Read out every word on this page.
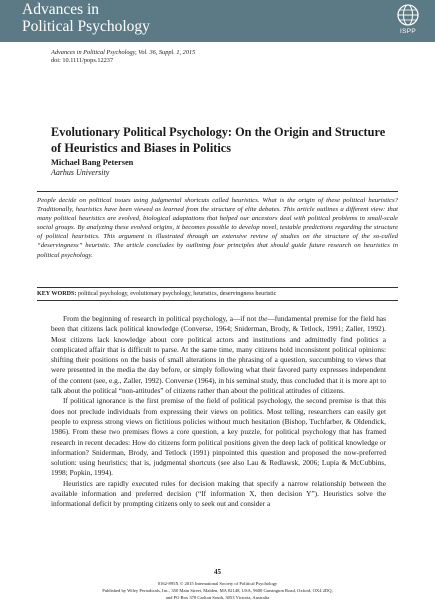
Advances in
Political Psychology	ISPP
Advances in Political Psychology, Vol. 36, Suppl. 1, 2015
doi: 10.1111/pops.12237
Evolutionary Political Psychology: On the Origin and Structure of Heuristics and Biases in Politics
Michael Bang Petersen
Aarhus University

People decide on political issues using judgmental shortcuts called heuristics. What is the origin of these political heuristics? Traditionally, heuristics have been viewed as learned from the structure of elite debates. This article outlines a different view: that many political heuristics are evolved, biological adaptations that helped our ancestors deal with political problems in small-scale social groups. By analyzing these evolved origins, it becomes possible to develop novel, testable predictions regarding the structure of political heuristics. This argument is illustrated through an extensive review of studies on the structure of the so-called “deservingness” heuristic. The article concludes by outlining four principles that should guide future research on heuristics in political psychology.

KEY WORDS: political psychology, evolutionary psychology, heuristics, deservingness heuristic

From the beginning of research in political psychology, a—if not the—fundamental premise for the field has been that citizens lack political knowledge (Converse, 1964; Sniderman, Brody, & Tetlock, 1991; Zaller, 1992). Most citizens lack knowledge about core political actors and institutions and admittedly find politics a complicated affair that is difficult to parse. At the same time, many citizens hold inconsistent political opinions: shifting their positions on the basis of small alterations in the phrasing of a question, succumbing to views that were presented in the media the day before, or simply following what their favored party expresses independent of the content (see, e.g., Zaller, 1992). Converse (1964), in his seminal study, thus concluded that it is more apt to talk about the political “non-attitudes” of citizens rather than about the political attitudes of citizens.

If political ignorance is the first premise of the field of political psychology, the second premise is that this does not preclude individuals from expressing their views on politics. Most telling, researchers can easily get people to express strong views on fictitious policies without much hesitation (Bishop, Tuchfarber, & Oldendick, 1986). From these two premises flows a core question, a key puzzle, for political psychology that has framed research in recent decades: How do citizens form political positions given the deep lack of political knowledge or information? Sniderman, Brody, and Tetlock (1991) pinpointed this question and proposed the now-preferred solution: using heuristics; that is, judgmental shortcuts (see also Lau & Redlawsk, 2006; Lupia & McCubbins, 1998; Popkin, 1994).

Heuristics are rapidly executed rules for decision making that specify a narrow relationship between the available information and preferred decision (“If information X, then decision Y”). Heuristics solve the informational deficit by prompting citizens only to seek out and consider a

45
0162-895X © 2015 International Society of Political Psychology
Published by Wiley Periodicals, Inc., 350 Main Street, Malden, MA 02148, USA, 9600 Garsington Road, Oxford, OX4 2DQ,
and PO Box 378 Carlton South, 3053 Victoria, Australia
